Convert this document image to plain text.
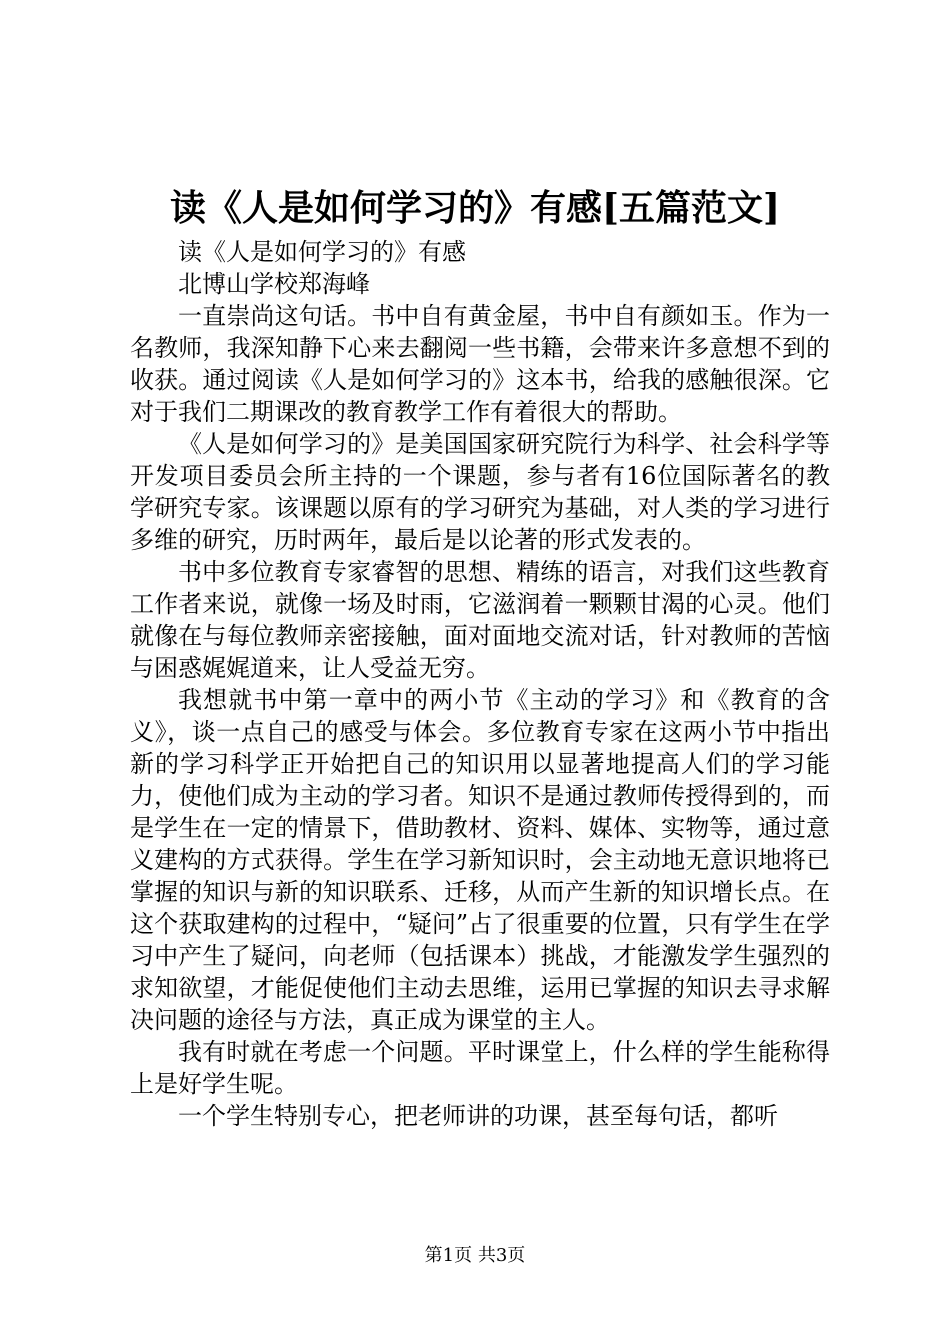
读《人是如何学习的》有感[五篇范文]

读《人是如何学习的》有感

北博山学校郑海峰

一直崇尚这句话。书中自有黄金屋，书中自有颜如玉。作为一名教师，我深知静下心来去翻阅一些书籍，会带来许多意想不到的收获。通过阅读《人是如何学习的》这本书，给我的感触很深。它对于我们二期课改的教育教学工作有着很大的帮助。

《人是如何学习的》是美国国家研究院行为科学、社会科学等开发项目委员会所主持的一个课题，参与者有16位国际著名的教学研究专家。该课题以原有的学习研究为基础，对人类的学习进行多维的研究，历时两年，最后是以论著的形式发表的。

书中多位教育专家睿智的思想、精练的语言，对我们这些教育工作者来说，就像一场及时雨，它滋润着一颗颗甘渴的心灵。他们就像在与每位教师亲密接触，面对面地交流对话，针对教师的苦恼与困惑娓娓道来，让人受益无穷。

我想就书中第一章中的两小节《主动的学习》和《教育的含义》，谈一点自己的感受与体会。多位教育专家在这两小节中指出新的学习科学正开始把自己的知识用以显著地提高人们的学习能力，使他们成为主动的学习者。知识不是通过教师传授得到的，而是学生在一定的情景下，借助教材、资料、媒体、实物等，通过意义建构的方式获得。学生在学习新知识时，会主动地无意识地将已掌握的知识与新的知识联系、迁移，从而产生新的知识增长点。在这个获取建构的过程中，“疑问”占了很重要的位置，只有学生在学习中产生了疑问，向老师（包括课本）挑战，才能激发学生强烈的求知欲望，才能促使他们主动去思维，运用已掌握的知识去寻求解决问题的途径与方法，真正成为课堂的主人。

我有时就在考虑一个问题。平时课堂上，什么样的学生能称得上是好学生呢。

一个学生特别专心，把老师讲的功课，甚至每句话，都听

第1页 共3页
